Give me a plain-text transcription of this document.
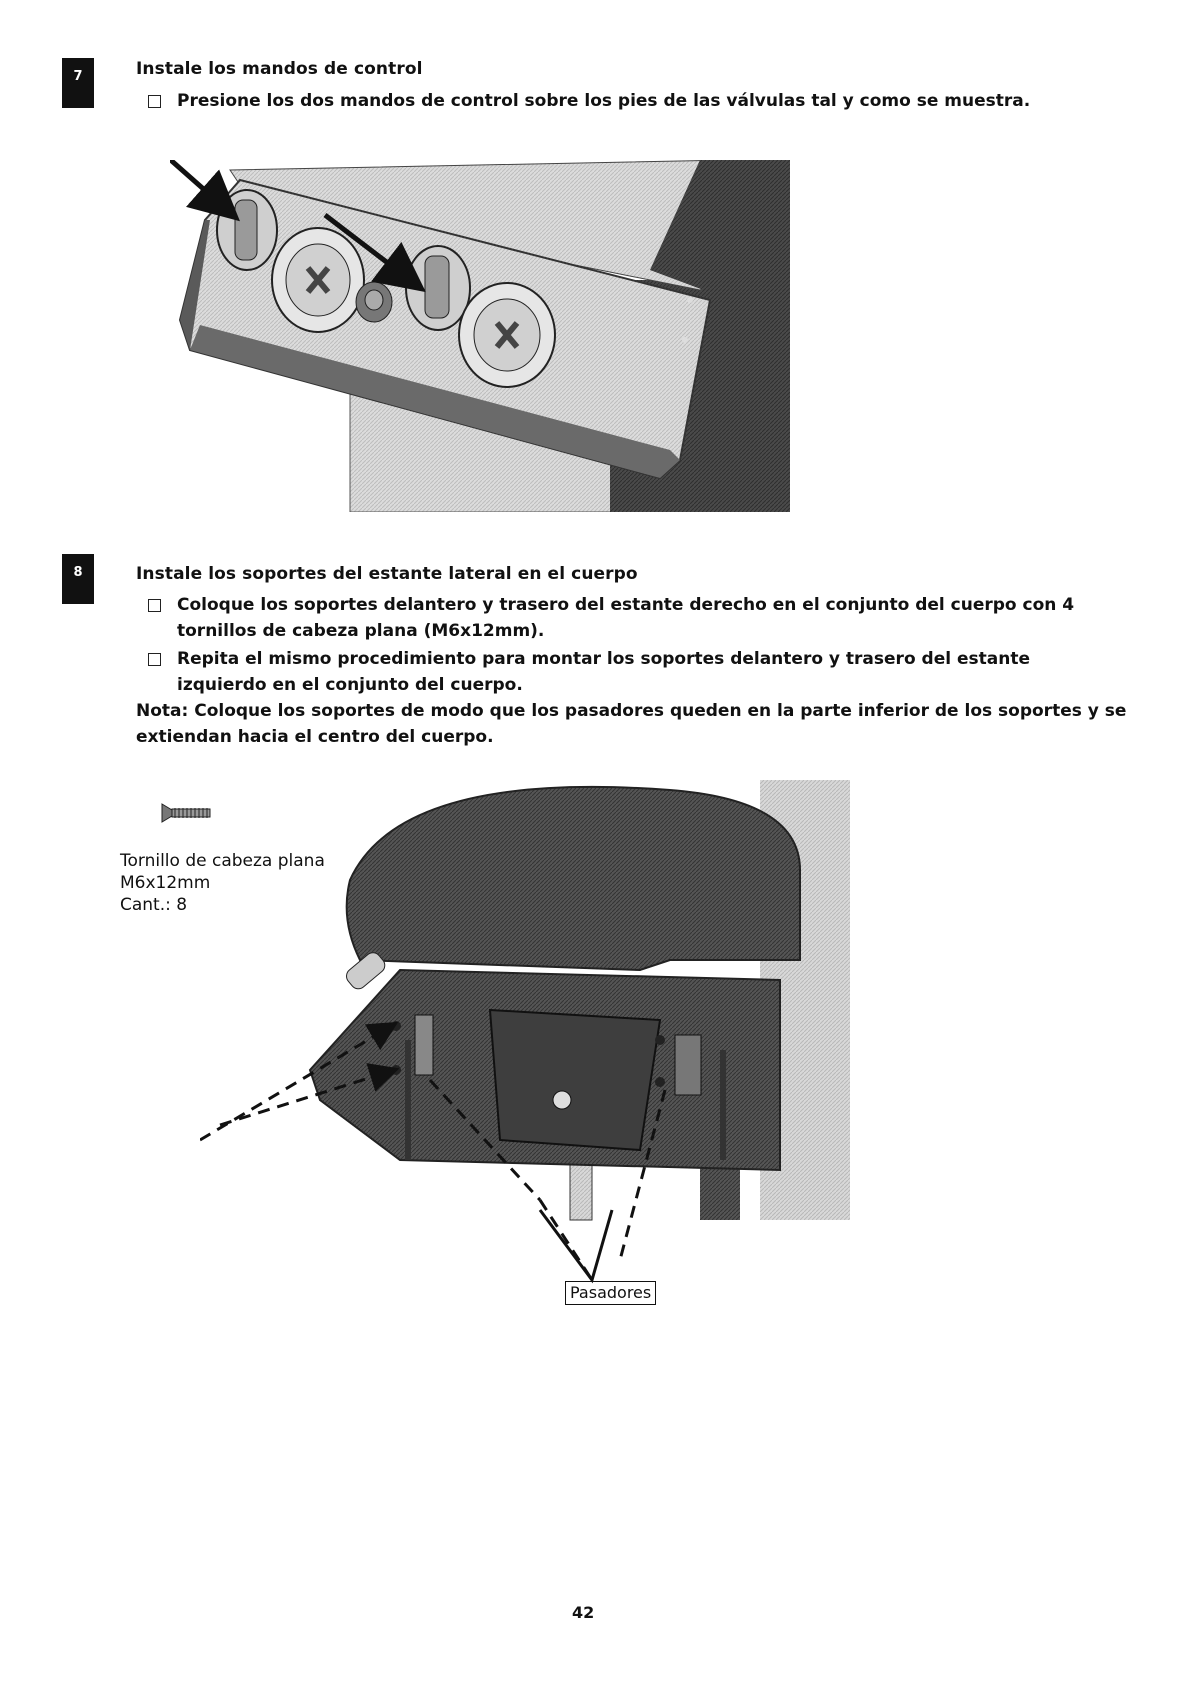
7	Instale los mandos de control
Presione los dos mandos de control sobre los pies de las válvulas tal y como se muestra.
8	Instale los soportes del estante lateral en el cuerpo
Coloque los soportes delantero y trasero del estante derecho en el conjunto del cuerpo con 4 tornillos de cabeza plana (M6x12mm).
Repita el mismo procedimiento para montar los soportes delantero y trasero del estante izquierdo en el conjunto del cuerpo.
Nota: Coloque los soportes de modo que los pasadores queden en la parte inferior de los soportes y se extiendan hacia el centro del cuerpo.
Tornillo de cabeza plana
M6x12mm
Cant.: 8
Pasadores
42
